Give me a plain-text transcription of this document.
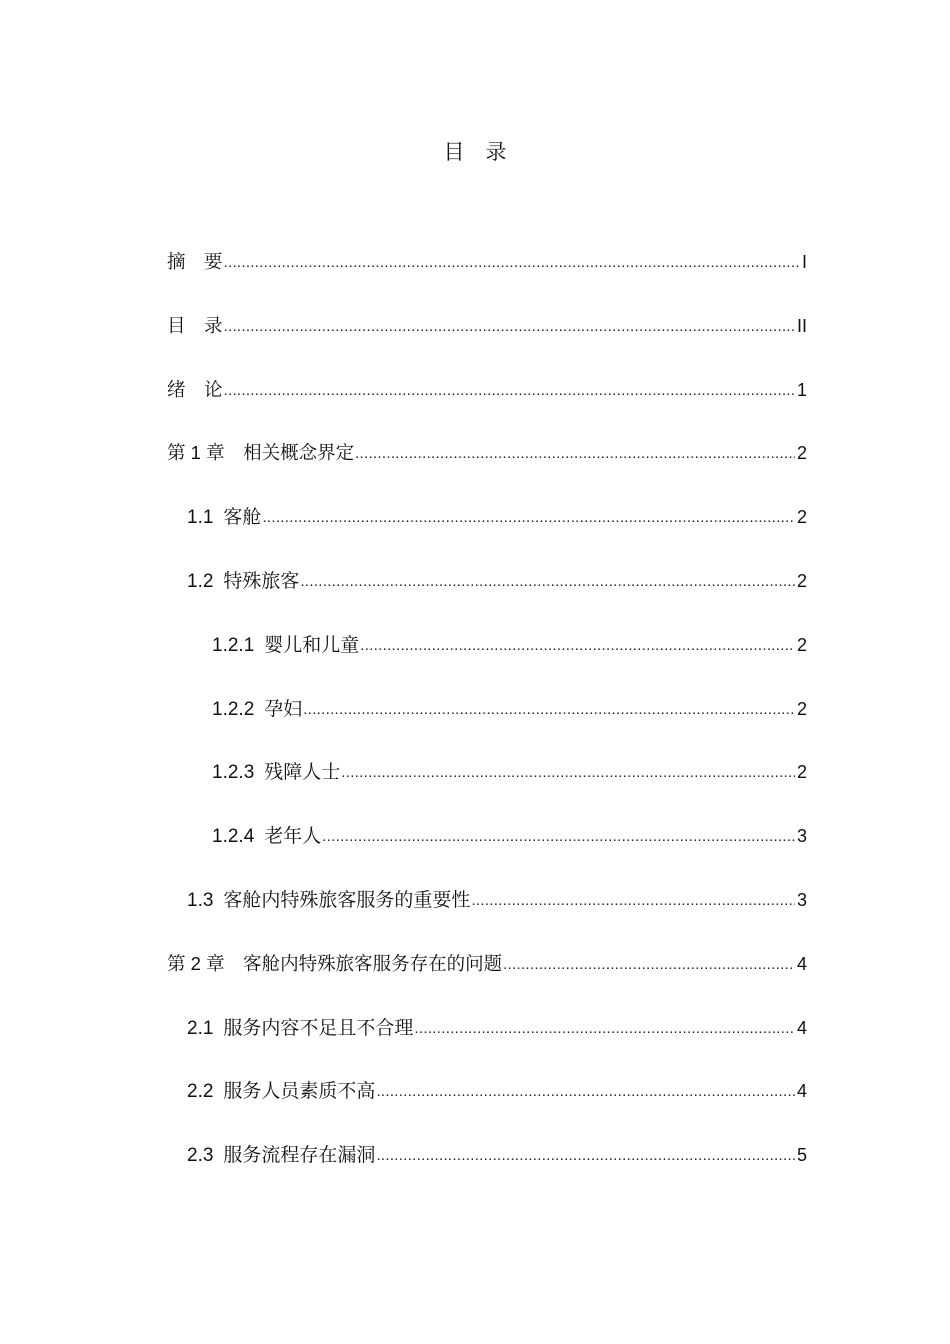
目　录
摘　要 .....	I
目　录 .....	II
绪　论 .....	1
第 1 章 　相关概念界定 .....	2
1.1 客舱 .....	2
1.2 特殊旅客 .....	2
1.2.1 婴儿和儿童 .....	2
1.2.2 孕妇 .....	2
1.2.3 残障人士 .....	2
1.2.4 老年人 .....	3
1.3 客舱内特殊旅客服务的重要性 .....	3
第 2 章 　客舱内特殊旅客服务存在的问题 .....	4
2.1 服务内容不足且不合理 .....	4
2.2 服务人员素质不高 .....	4
2.3 服务流程存在漏洞 .....	5
